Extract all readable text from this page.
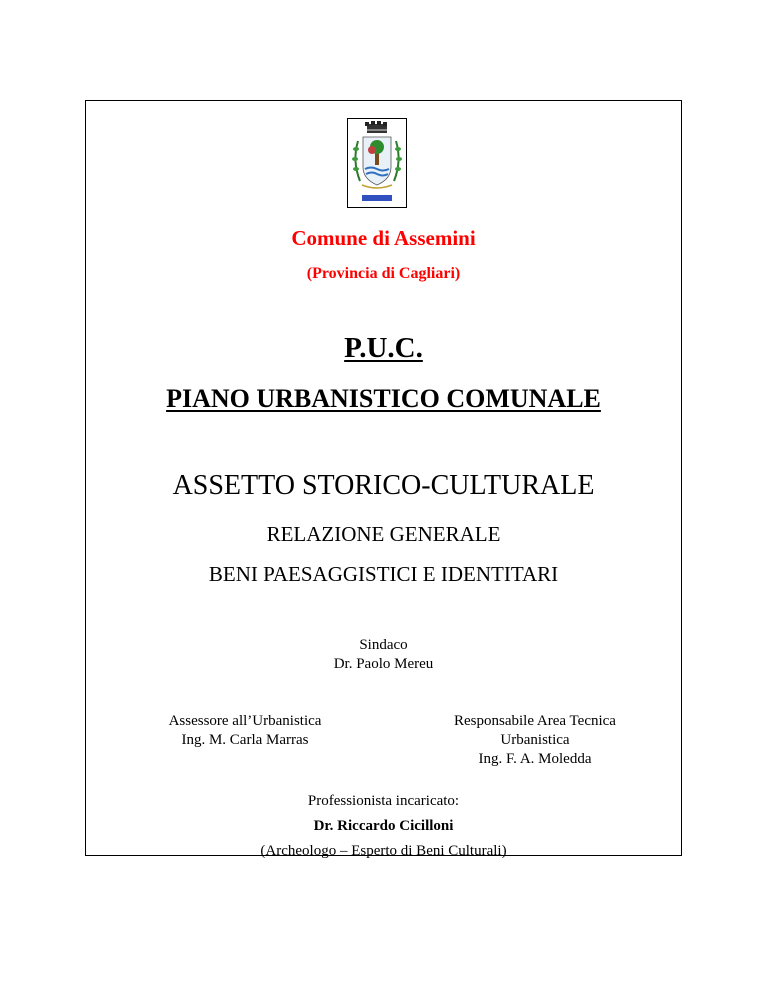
Comune di Assemini
(Provincia di Cagliari)
P.U.C.
PIANO URBANISTICO COMUNALE
ASSETTO STORICO-CULTURALE
RELAZIONE GENERALE
BENI PAESAGGISTICI E IDENTITARI
Sindaco
Dr. Paolo Mereu
Assessore all’Urbanistica
Ing. M. Carla Marras
Responsabile Area Tecnica
Urbanistica
Ing. F. A. Moledda
Professionista incaricato:
Dr. Riccardo Cicilloni
(Archeologo – Esperto di Beni Culturali)
